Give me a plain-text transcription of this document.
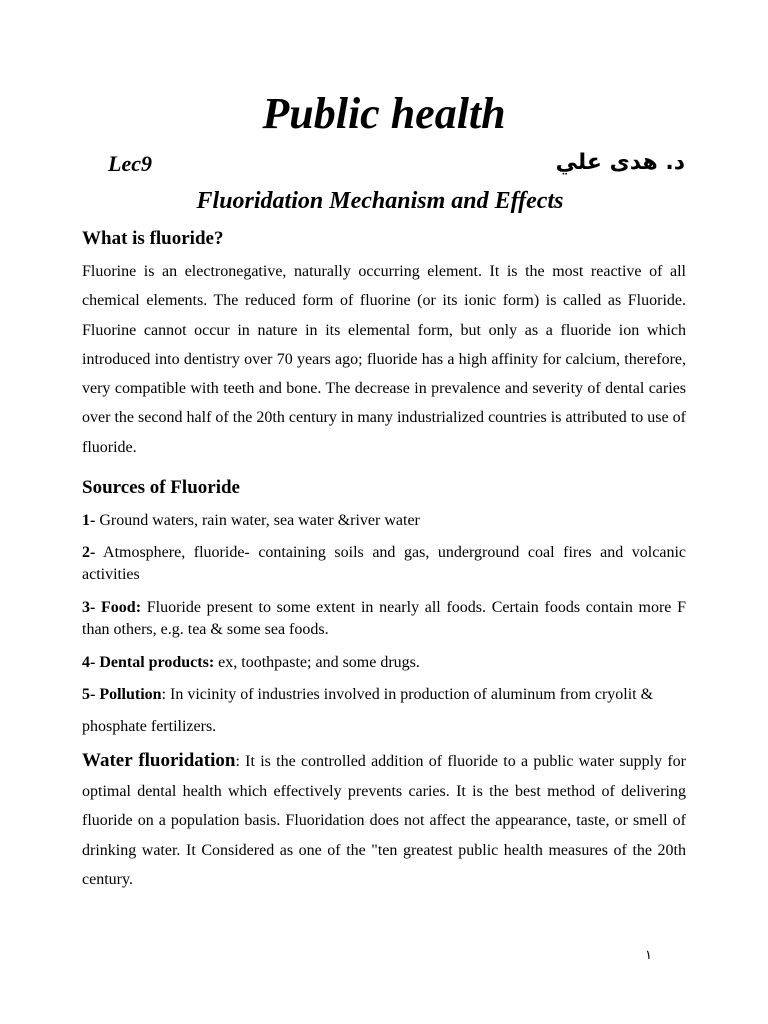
Public health
Lec9	د. هدى علي
Fluoridation Mechanism and Effects
What is fluoride?

Fluorine is an electronegative, naturally occurring element. It is the most reactive of all chemical elements. The reduced form of fluorine (or its ionic form) is called as Fluoride. Fluorine cannot occur in nature in its elemental form, but only as a fluoride ion which introduced into dentistry over 70 years ago; fluoride has a high affinity for calcium, therefore, very compatible with teeth and bone. The decrease in prevalence and severity of dental caries over the second half of the 20th century in many industrialized countries is attributed to use of fluoride.

Sources of Fluoride

1- Ground waters, rain water, sea water &river water

2- Atmosphere, fluoride- containing soils and gas, underground coal fires and volcanic activities

3- Food: Fluoride present to some extent in nearly all foods. Certain foods contain more F than others, e.g. tea & some sea foods.

4- Dental products: ex, toothpaste; and some drugs.

5- Pollution: In vicinity of industries involved in production of aluminum from cryolit & phosphate fertilizers.

Water fluoridation: It is the controlled addition of fluoride to a public water supply for optimal dental health which effectively prevents caries. It is the best method of delivering fluoride on a population basis. Fluoridation does not affect the appearance, taste, or smell of drinking water. It Considered as one of the "ten greatest public health measures of the 20th century.

١
